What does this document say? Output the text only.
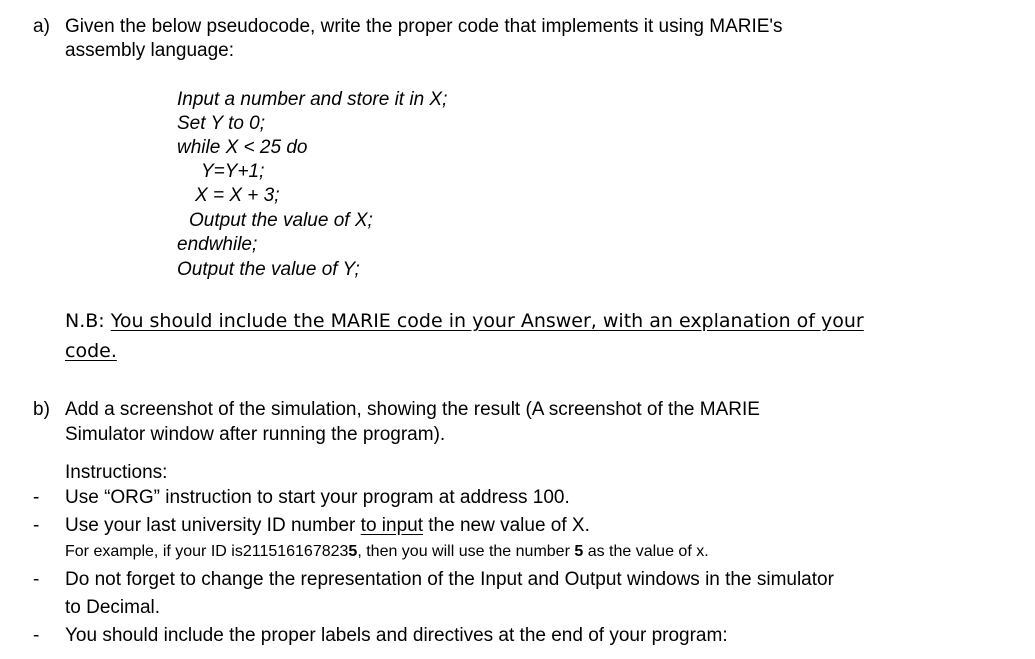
a) Given the below pseudocode, write the proper code that implements it using MARIE's
assembly language:
Input a number and store it in X;
Set Y to 0;
while X < 25 do
Y=Y+1;
X = X + 3;
Output the value of X;
endwhile;
Output the value of Y;
N.B: You should include the MARIE code in your Answer, with an explanation of your
code.
b) Add a screenshot of the simulation, showing the result (A screenshot of the MARIE
Simulator window after running the program).
Instructions:
- Use “ORG” instruction to start your program at address 100.
- Use your last university ID number to input the new value of X.
For example, if your ID is2115161678235, then you will use the number 5 as the value of x.
- Do not forget to change the representation of the Input and Output windows in the simulator
to Decimal.
- You should include the proper labels and directives at the end of your program:
